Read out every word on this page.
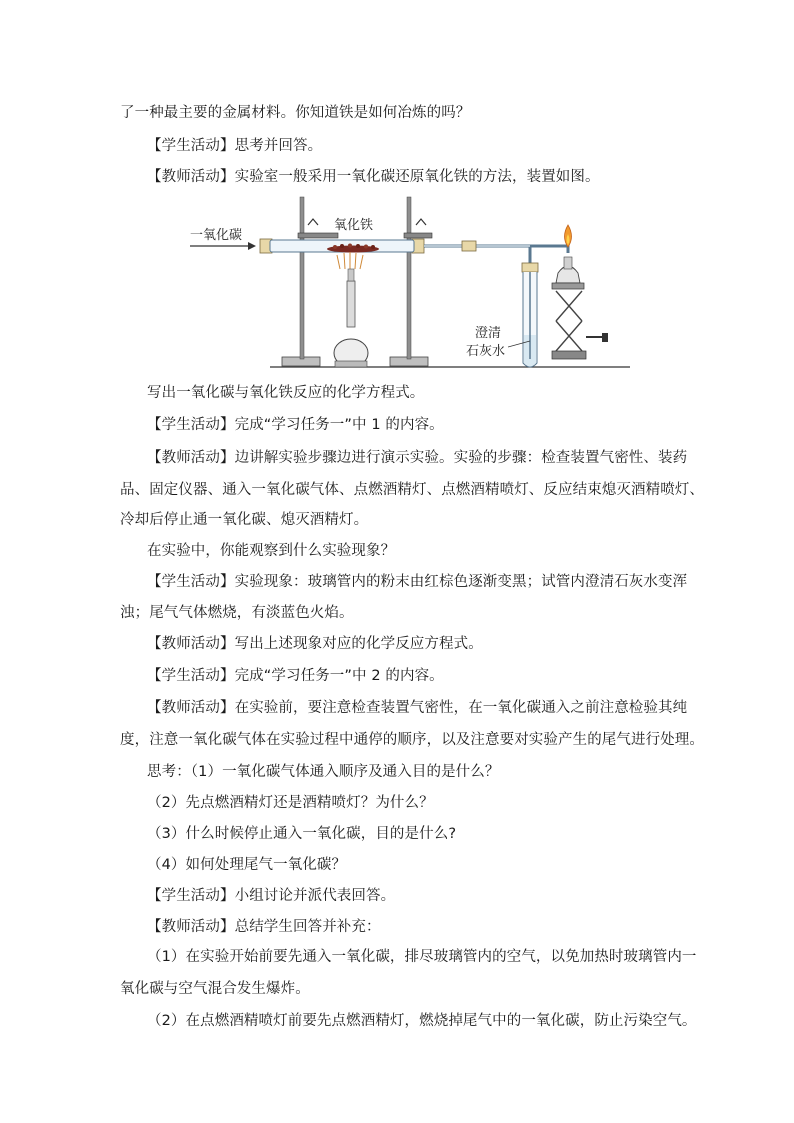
了一种最主要的金属材料。你知道铁是如何冶炼的吗？
【学生活动】思考并回答。
【教师活动】实验室一般采用一氧化碳还原氧化铁的方法，装置如图。
一氧化碳
氧化铁
澄清
石灰水
写出一氧化碳与氧化铁反应的化学方程式。
【学生活动】完成“学习任务一”中 1 的内容。
【教师活动】边讲解实验步骤边进行演示实验。实验的步骤：检查装置气密性、装药
品、固定仪器、通入一氧化碳气体、点燃酒精灯、点燃酒精喷灯、反应结束熄灭酒精喷灯、
冷却后停止通一氧化碳、熄灭酒精灯。
在实验中，你能观察到什么实验现象？
【学生活动】实验现象：玻璃管内的粉末由红棕色逐渐变黑；试管内澄清石灰水变浑
浊；尾气气体燃烧，有淡蓝色火焰。
【教师活动】写出上述现象对应的化学反应方程式。
【学生活动】完成“学习任务一”中 2 的内容。
【教师活动】在实验前，要注意检查装置气密性，在一氧化碳通入之前注意检验其纯
度，注意一氧化碳气体在实验过程中通停的顺序，以及注意要对实验产生的尾气进行处理。
思考：（1）一氧化碳气体通入顺序及通入目的是什么？
（2）先点燃酒精灯还是酒精喷灯？为什么？
（3）什么时候停止通入一氧化碳，目的是什么?
（4）如何处理尾气一氧化碳？
【学生活动】小组讨论并派代表回答。
【教师活动】总结学生回答并补充：
（1）在实验开始前要先通入一氧化碳，排尽玻璃管内的空气，以免加热时玻璃管内一
氧化碳与空气混合发生爆炸。
（2）在点燃酒精喷灯前要先点燃酒精灯，燃烧掉尾气中的一氧化碳，防止污染空气。
